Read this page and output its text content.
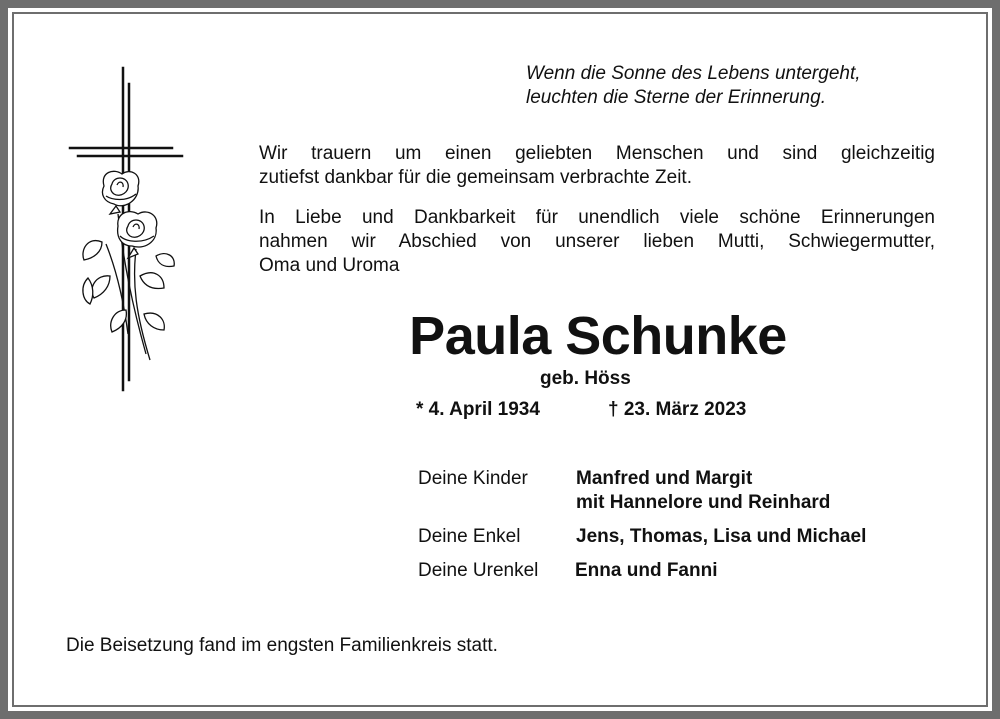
Wenn die Sonne des Lebens untergeht,
leuchten die Sterne der Erinnerung.
Wir trauern um einen geliebten Menschen und sind gleichzeitig
zutiefst dankbar für die gemeinsam verbrachte Zeit.
In Liebe und Dankbarkeit für unendlich viele schöne Erinnerungen
nahmen wir Abschied von unserer lieben Mutti, Schwiegermutter,
Oma und Uroma
Paula Schunke
geb. Höss
* 4. April 1934	† 23. März 2023
Deine Kinder	Manfred und Margit
mit Hannelore und Reinhard
Deine Enkel	Jens, Thomas, Lisa und Michael
Deine Urenkel Enna und Fanni
Die Beisetzung fand im engsten Familienkreis statt.
